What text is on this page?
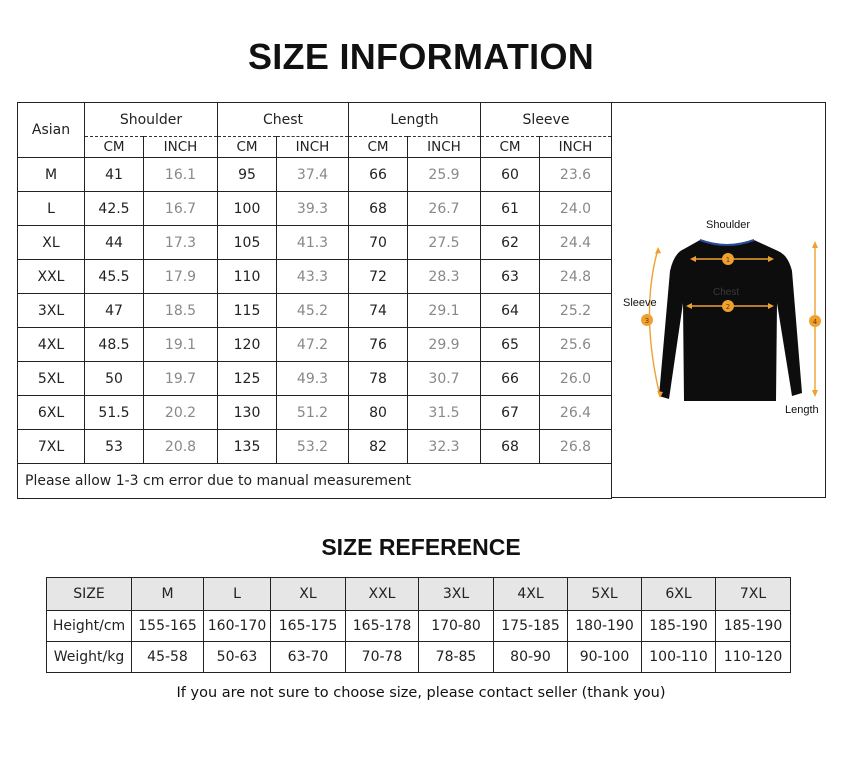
SIZE INFORMATION
Asian	Shoulder		Chest		Length		Sleeve	
	CM	INCH	CM	INCH	CM	INCH	CM	INCH
M	41	16.1	95	37.4	66	25.9	60	23.6
L	42.5	16.7	100	39.3	68	26.7	61	24.0
XL	44	17.3	105	41.3	70	27.5	62	24.4
XXL	45.5	17.9	110	43.3	72	28.3	63	24.8
3XL	47	18.5	115	45.2	74	29.1	64	25.2
4XL	48.5	19.1	120	47.2	76	29.9	65	25.6
5XL	50	19.7	125	49.3	78	30.7	66	26.0
6XL	51.5	20.2	130	51.2	80	31.5	67	26.4
7XL	53	20.8	135	53.2	82	32.3	68	26.8
Please allow 1-3 cm error due to manual measurement								
1
2
3	4
Shoulder
Sleeve
Length
Chest
SIZE REFERENCE
SIZE	M	L	XL	XXL	3XL	4XL	5XL	6XL	7XL
Height/cm	155-165	160-170	165-175	165-178	170-80	175-185	180-190	185-190	185-190
Weight/kg	45-58	50-63	63-70	70-78	78-85	80-90	90-100	100-110	110-120
If you are not sure to choose size, please contact seller (thank you)
